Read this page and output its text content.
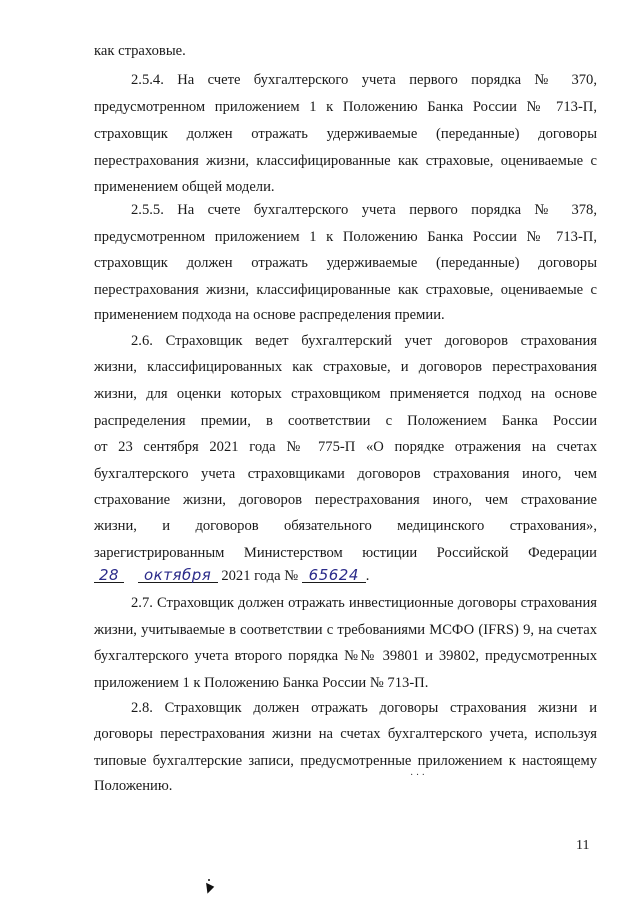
как страховые.
2.5.4. На счете бухгалтерского учета первого порядка № 370,
предусмотренном приложением 1 к Положению Банка России № 713-П,
страховщик должен отражать удерживаемые (переданные) договоры
перестрахования жизни, классифицированные как страховые, оцениваемые с
применением общей модели.
2.5.5. На счете бухгалтерского учета первого порядка № 378,
предусмотренном приложением 1 к Положению Банка России № 713-П,
страховщик должен отражать удерживаемые (переданные) договоры
перестрахования жизни, классифицированные как страховые, оцениваемые с
применением подхода на основе распределения премии.
2.6. Страховщик ведет бухгалтерский учет договоров страхования
жизни, классифицированных как страховые, и договоров перестрахования
жизни, для оценки которых страховщиком применяется подход на основе
распределения премии, в соответствии с Положением Банка России
от 23 сентября 2021 года № 775-П «О порядке отражения на счетах
бухгалтерского учета страховщиками договоров страхования иного, чем
страхование жизни, договоров перестрахования иного, чем страхование
жизни, и договоров обязательного медицинского страхования»,
зарегистрированным Министерством юстиции Российской Федерации
28 октября 2021 года № 65624 .
2.7. Страховщик должен отражать инвестиционные договоры страхования
жизни, учитываемые в соответствии с требованиями МСФО (IFRS) 9, на счетах
бухгалтерского учета второго порядка №№ 39801 и 39802, предусмотренных
приложением 1 к Положению Банка России № 713-П.
2.8. Страховщик должен отражать договоры страхования жизни и
договоры перестрахования жизни на счетах бухгалтерского учета, используя
типовые бухгалтерские записи, предусмотренные приложением к настоящему
Положению.
· · ·
11
